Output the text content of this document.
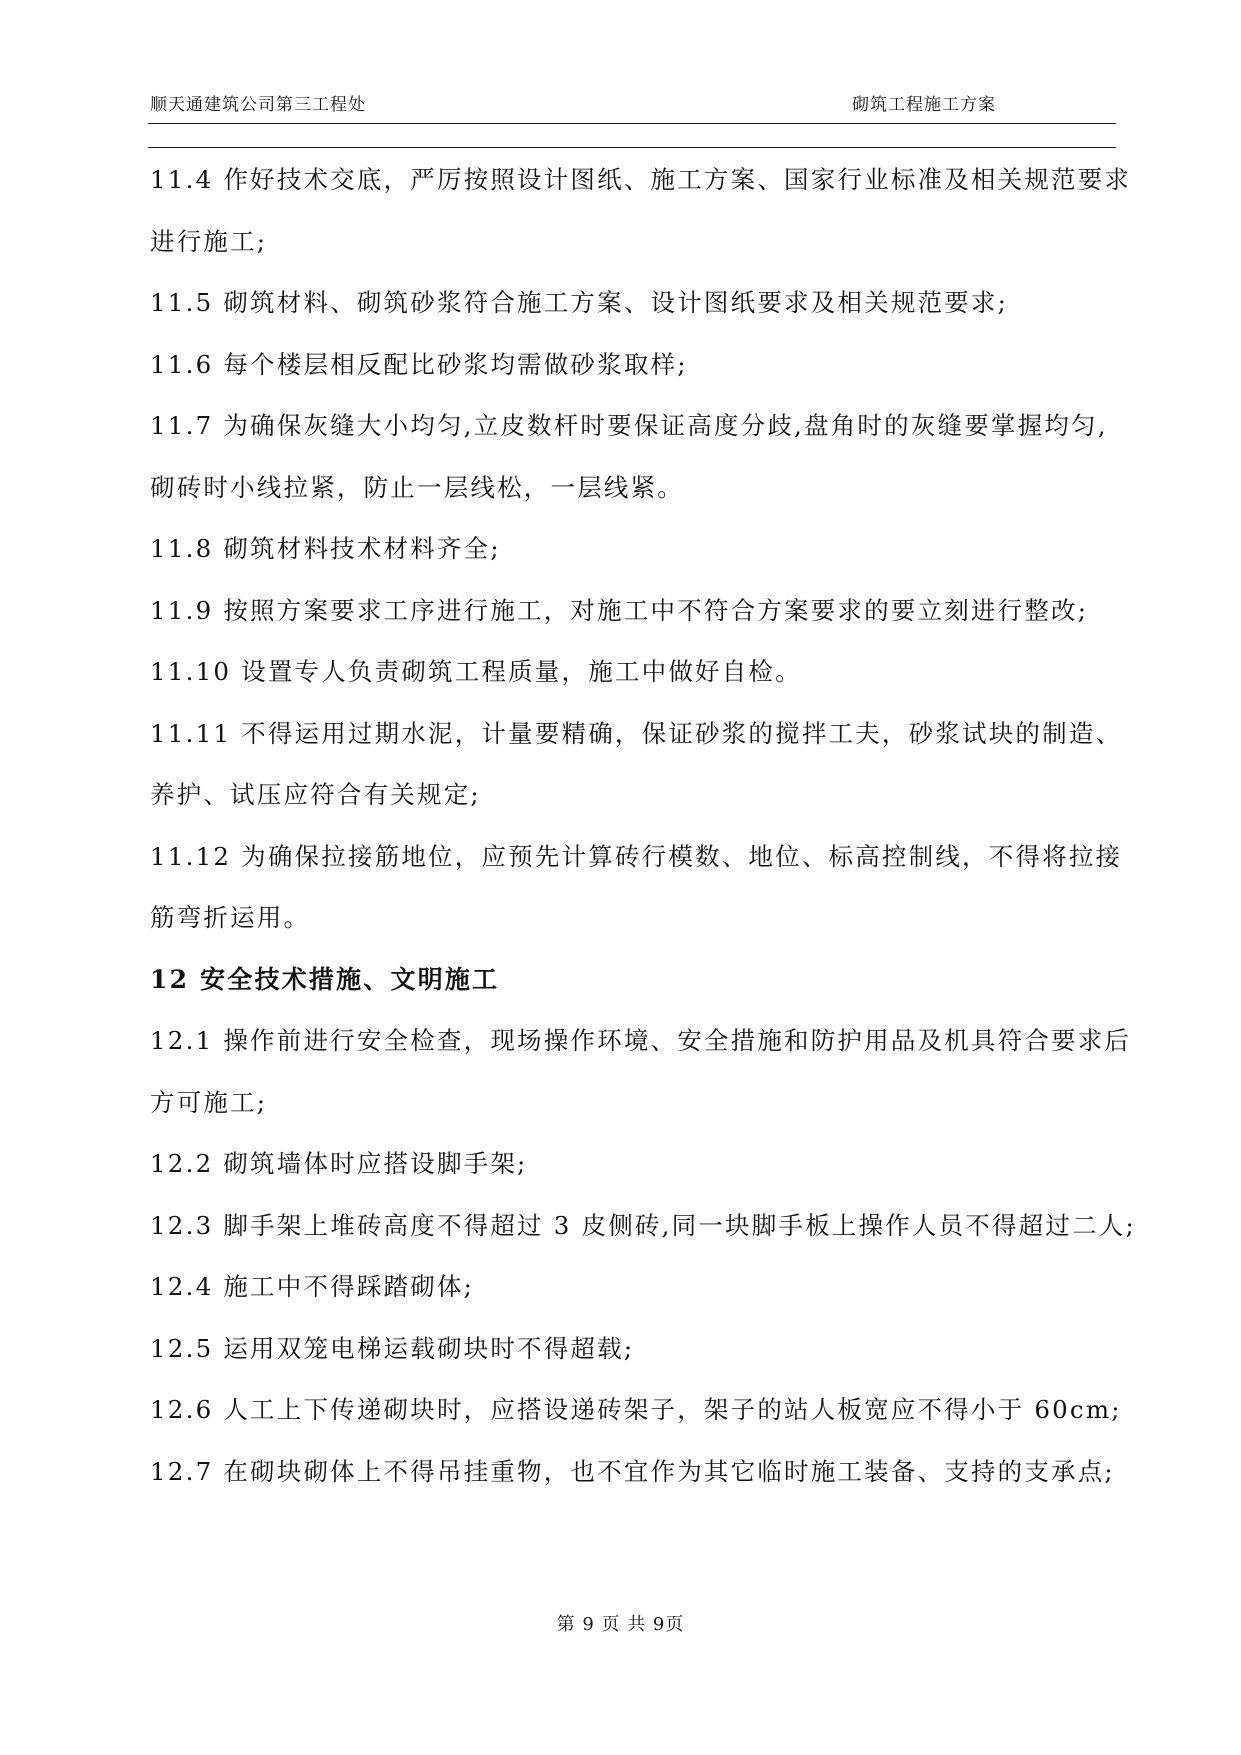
顺天通建筑公司第三工程处	砌筑工程施工方案
11.4 作好技术交底，严厉按照设计图纸、施工方案、国家行业标准及相关规范要求
进行施工;
11.5 砌筑材料、砌筑砂浆符合施工方案、设计图纸要求及相关规范要求;
11.6 每个楼层相反配比砂浆均需做砂浆取样;
11.7 为确保灰缝大小均匀,立皮数杆时要保证高度分歧,盘角时的灰缝要掌握均匀,
砌砖时小线拉紧，防止一层线松，一层线紧。
11.8 砌筑材料技术材料齐全;
11.9 按照方案要求工序进行施工，对施工中不符合方案要求的要立刻进行整改;
11.10 设置专人负责砌筑工程质量，施工中做好自检。
11.11 不得运用过期水泥，计量要精确，保证砂浆的搅拌工夫，砂浆试块的制造、
养护、试压应符合有关规定;
11.12 为确保拉接筋地位，应预先计算砖行模数、地位、标高控制线，不得将拉接
筋弯折运用。
12 安全技术措施、文明施工
12.1 操作前进行安全检查，现场操作环境、安全措施和防护用品及机具符合要求后
方可施工;
12.2 砌筑墙体时应搭设脚手架;
12.3 脚手架上堆砖高度不得超过 3 皮侧砖,同一块脚手板上操作人员不得超过二人;
12.4 施工中不得踩踏砌体;
12.5 运用双笼电梯运载砌块时不得超载;
12.6 人工上下传递砌块时，应搭设递砖架子，架子的站人板宽应不得小于 60cm;
12.7 在砌块砌体上不得吊挂重物，也不宜作为其它临时施工装备、支持的支承点;
第 9 页 共 9页
